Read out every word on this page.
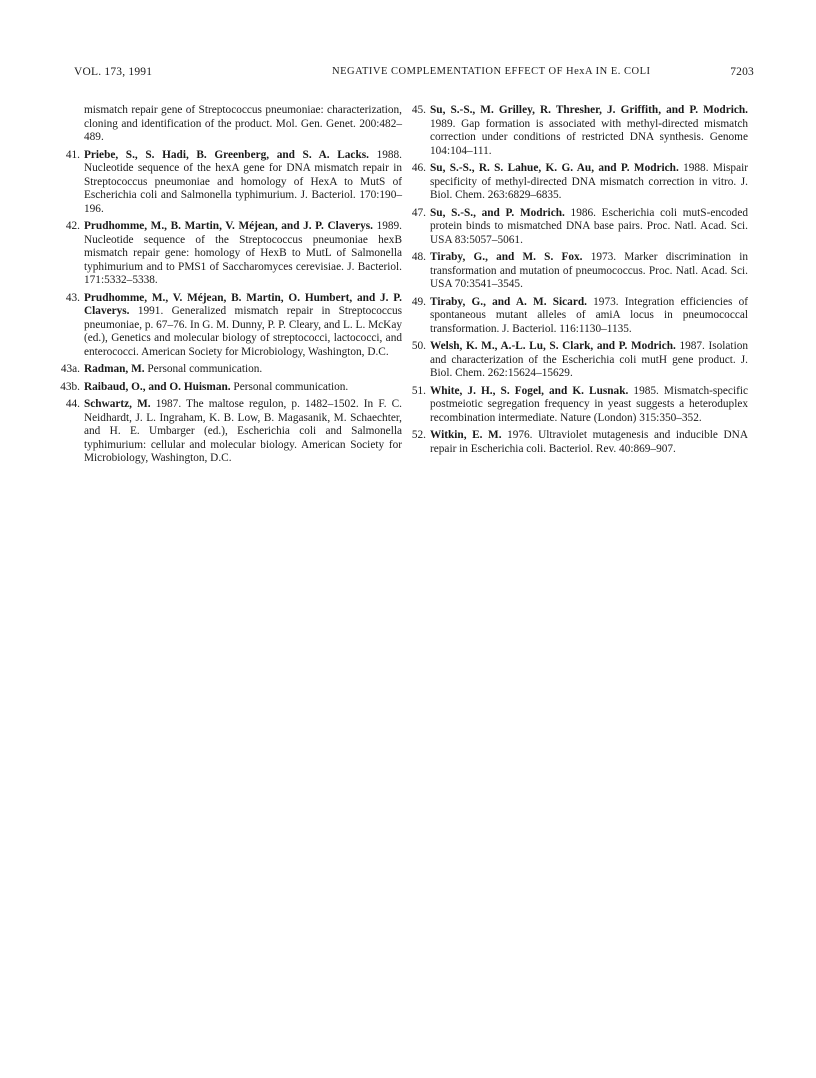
VOL. 173, 1991	NEGATIVE COMPLEMENTATION EFFECT OF HexA IN E. COLI	7203
mismatch repair gene of Streptococcus pneumoniae: characterization, cloning and identification of the product. Mol. Gen. Genet. 200:482–489.
41. Priebe, S., S. Hadi, B. Greenberg, and S. A. Lacks. 1988. Nucleotide sequence of the hexA gene for DNA mismatch repair in Streptococcus pneumoniae and homology of HexA to MutS of Escherichia coli and Salmonella typhimurium. J. Bacteriol. 170:190–196.
42. Prudhomme, M., B. Martin, V. Méjean, and J. P. Claverys. 1989. Nucleotide sequence of the Streptococcus pneumoniae hexB mismatch repair gene: homology of HexB to MutL of Salmonella typhimurium and to PMS1 of Saccharomyces cerevisiae. J. Bacteriol. 171:5332–5338.
43. Prudhomme, M., V. Méjean, B. Martin, O. Humbert, and J. P. Claverys. 1991. Generalized mismatch repair in Streptococcus pneumoniae, p. 67–76. In G. M. Dunny, P. P. Cleary, and L. L. McKay (ed.), Genetics and molecular biology of streptococci, lactococci, and enterococci. American Society for Microbiology, Washington, D.C.
43a. Radman, M. Personal communication.
43b. Raibaud, O., and O. Huisman. Personal communication.
44. Schwartz, M. 1987. The maltose regulon, p. 1482–1502. In F. C. Neidhardt, J. L. Ingraham, K. B. Low, B. Magasanik, M. Schaechter, and H. E. Umbarger (ed.), Escherichia coli and Salmonella typhimurium: cellular and molecular biology. American Society for Microbiology, Washington, D.C.
45. Su, S.-S., M. Grilley, R. Thresher, J. Griffith, and P. Modrich. 1989. Gap formation is associated with methyl-directed mismatch correction under conditions of restricted DNA synthesis. Genome 104:104–111.
46. Su, S.-S., R. S. Lahue, K. G. Au, and P. Modrich. 1988. Mispair specificity of methyl-directed DNA mismatch correction in vitro. J. Biol. Chem. 263:6829–6835.
47. Su, S.-S., and P. Modrich. 1986. Escherichia coli mutS-encoded protein binds to mismatched DNA base pairs. Proc. Natl. Acad. Sci. USA 83:5057–5061.
48. Tiraby, G., and M. S. Fox. 1973. Marker discrimination in transformation and mutation of pneumococcus. Proc. Natl. Acad. Sci. USA 70:3541–3545.
49. Tiraby, G., and A. M. Sicard. 1973. Integration efficiencies of spontaneous mutant alleles of amiA locus in pneumococcal transformation. J. Bacteriol. 116:1130–1135.
50. Welsh, K. M., A.-L. Lu, S. Clark, and P. Modrich. 1987. Isolation and characterization of the Escherichia coli mutH gene product. J. Biol. Chem. 262:15624–15629.
51. White, J. H., S. Fogel, and K. Lusnak. 1985. Mismatch-specific postmeiotic segregation frequency in yeast suggests a heteroduplex recombination intermediate. Nature (London) 315:350–352.
52. Witkin, E. M. 1976. Ultraviolet mutagenesis and inducible DNA repair in Escherichia coli. Bacteriol. Rev. 40:869–907.
